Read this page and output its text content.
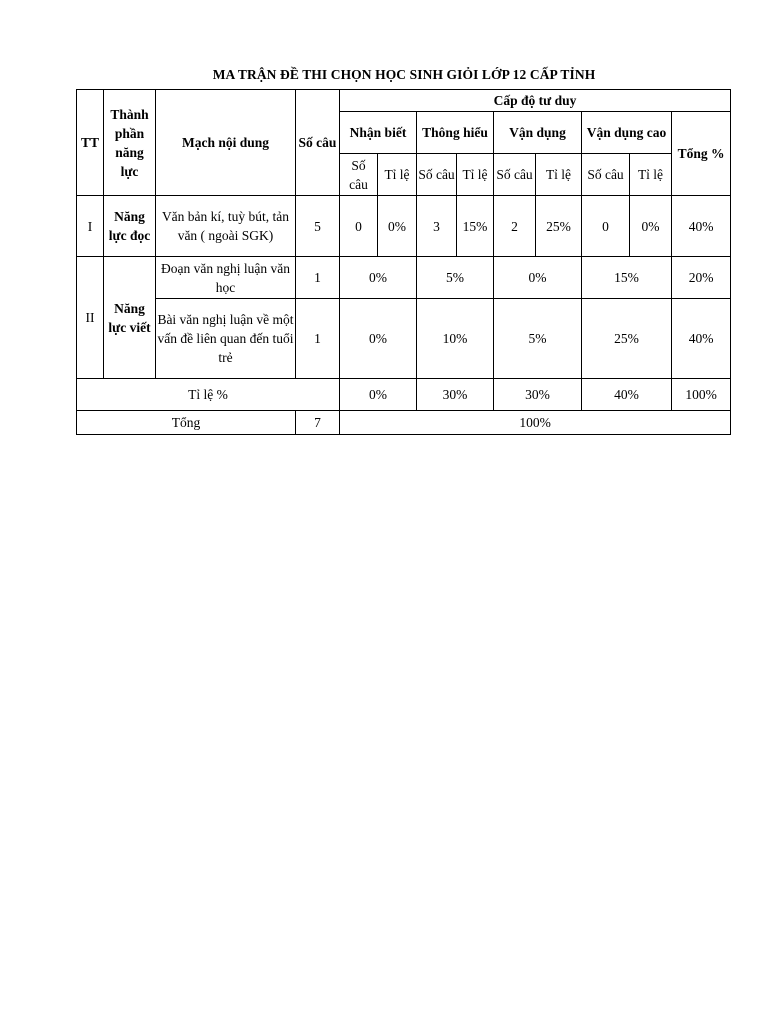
MA TRẬN ĐỀ THI CHỌN HỌC SINH GIỎI LỚP 12 CẤP TỈNH
TT	Thành phần năng lực	Mạch nội dung	Số câu	Cấp độ tư duy								
				Nhận biết		Thông hiểu		Vận dụng		Vận dụng cao		Tổng %
				Số câu	Tỉ lệ	Số câu	Tỉ lệ	Số câu	Tỉ lệ	Số câu	Tỉ lệ	
I	Năng lực đọc	Văn bản kí, tuỳ bút, tản văn ( ngoài SGK)	5	0	0%	3	15%	2	25%	0	0%	40%
II	Năng lực viết	Đoạn văn nghị luận văn học	1	0%		5%		0%		15%		20%
		Bài văn nghị luận về một vấn đề liên quan đến tuổi trẻ	1	0%		10%		5%		25%		40%
Tỉ lệ %				0%		30%		30%		40%		100%
Tổng			7	100%								
